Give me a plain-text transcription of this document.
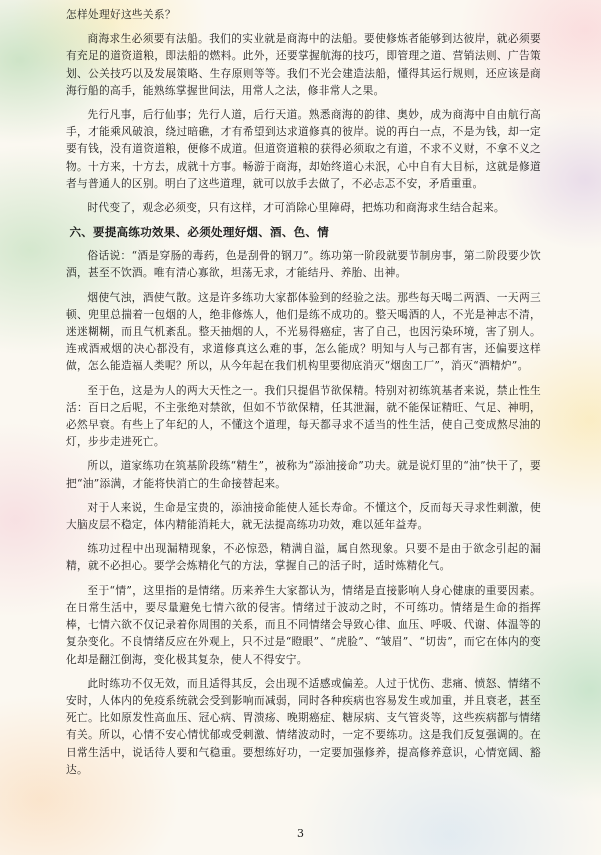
怎样处理好这些关系？

商海求生必须要有法船。我们的实业就是商海中的法船。要使修炼者能够到达彼岸，就必须要有充足的道资道粮，即法船的燃料。此外，还要掌握航海的技巧，即管理之道、营销法则、广告策划、公关技巧以及发展策略、生存原则等等。我们不光会建造法船，懂得其运行规则，还应该是商海行船的高手，能熟练掌握世间法，用常人之法，修非常人之果。

先行凡事，后行仙事；先行人道，后行天道。熟悉商海的韵律、奥妙，成为商海中自由航行高手，才能乘风破浪，绕过暗礁，才有希望到达求道修真的彼岸。说的再白一点，不是为钱，却一定要有钱，没有道资道粮，便修不成道。但道资道粮的获得必须取之有道，不求不义财，不拿不义之物。十方来，十方去，成就十方事。畅游于商海，却始终道心未泯，心中自有大目标，这就是修道者与普通人的区别。明白了这些道理，就可以放手去做了，不必忐忑不安，矛盾重重。

时代变了，观念必须变，只有这样，才可消除心里障碍，把炼功和商海求生结合起来。

六、要提高练功效果、必须处理好烟、酒、色、情

俗话说：“酒是穿肠的毒药，色是刮骨的钢刀”。练功第一阶段就要节制房事，第二阶段要少饮酒，甚至不饮酒。唯有清心寡欲，坦荡无求，才能结丹、养胎、出神。

烟使气浊，酒使气散。这是许多练功大家都体验到的经验之法。那些每天喝二两酒、一天两三顿、兜里总揣着一包烟的人，绝非修炼人，他们是练不成功的。整天喝酒的人，不光是神志不清，迷迷糊糊，而且气机紊乱。整天抽烟的人，不光易得癌症，害了自己，也因污染环境，害了别人。连戒酒戒烟的决心都没有，求道修真这么难的事，怎么能成？明知与人与己都有害，还偏要这样做，怎么能造福人类呢？所以，从今年起在我们机构里要彻底消灭“烟囱工厂”，消灭“酒精炉”。

至于色，这是为人的两大天性之一。我们只提倡节欲保精。特别对初练筑基者来说，禁止性生活：百日之后呢，不主张绝对禁欲，但如不节欲保精，任其泄漏，就不能保证精旺、气足、神明，必然早衰。有些上了年纪的人，不懂这个道理，每天都寻求不适当的性生活，使自己变成熬尽油的灯，步步走进死亡。

所以，道家练功在筑基阶段练“精生”，被称为“添油接命”功夫。就是说灯里的“油”快干了，要把“油”添满，才能将快消亡的生命接替起来。

对于人来说，生命是宝贵的，添油接命能使人延长寿命。不懂这个，反而每天寻求性刺激，使大脑皮层不稳定，体内精能消耗大，就无法提高练功功效，难以延年益寿。

练功过程中出现漏精现象，不必惊恐，精满自溢，属自然现象。只要不是由于欲念引起的漏精，就不必担心。要学会炼精化气的方法，掌握自己的活子时，适时炼精化气。

至于“情”，这里指的是情绪。历来养生大家都认为，情绪是直接影响人身心健康的重要因素。在日常生活中，要尽量避免七情六欲的侵害。情绪过于波动之时，不可练功。情绪是生命的指挥棒，七情六欲不仅记录着你周围的关系，而且不同情绪会导致心律、血压、呼吸、代谢、体温等的复杂变化。不良情绪反应在外观上，只不过是“瞪眼”、“虎脸”、“皱眉”、“切齿”，而它在体内的变化却是翻江倒海，变化极其复杂，使人不得安宁。

此时练功不仅无效，而且适得其反，会出现不适感或偏差。人过于忧伤、悲痛、愤怒、情绪不安时，人体内的免疫系统就会受到影响而减弱，同时各种疾病也容易发生或加重，并且衰老，甚至死亡。比如原发性高血压、冠心病、胃溃疡、晚期癌症、糖尿病、支气管炎等，这些疾病都与情绪有关。所以，心情不安心情忧郁或受刺激、情绪波动时，一定不要练功。这是我们反复强调的。在日常生活中，说话待人要和气稳重。要想练好功，一定要加强修养，提高修养意识，心情宽阔、豁达。

3
